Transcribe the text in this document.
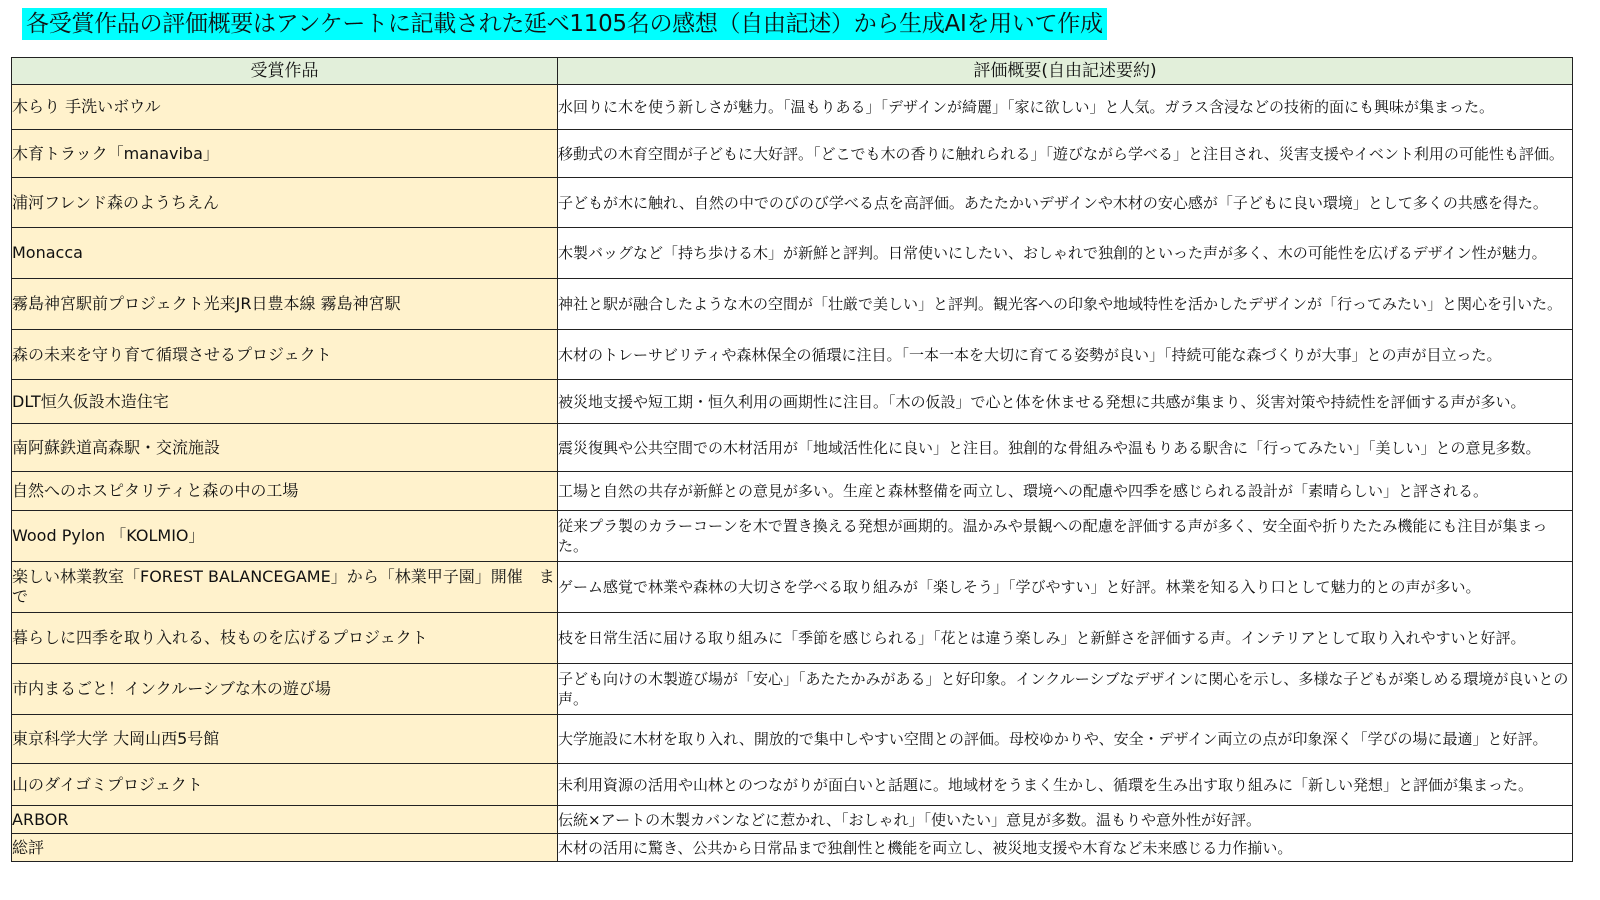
各受賞作品の評価概要はアンケートに記載された延べ1105名の感想（自由記述）から生成AIを用いて作成
受賞作品	評価概要(自由記述要約)
木らり 手洗いボウル	水回りに木を使う新しさが魅力。「温もりある」「デザインが綺麗」「家に欲しい」と人気。ガラス含浸などの技術的面にも興味が集まった。
木育トラック「manaviba」	移動式の木育空間が子どもに大好評。「どこでも木の香りに触れられる」「遊びながら学べる」と注目され、災害支援やイベント利用の可能性も評価。
浦河フレンド森のようちえん	子どもが木に触れ、自然の中でのびのび学べる点を高評価。あたたかいデザインや木材の安心感が「子どもに良い環境」として多くの共感を得た。
Monacca	木製バッグなど「持ち歩ける木」が新鮮と評判。日常使いにしたい、おしゃれで独創的といった声が多く、木の可能性を広げるデザイン性が魅力。
霧島神宮駅前プロジェクト光来JR日豊本線 霧島神宮駅	神社と駅が融合したような木の空間が「壮厳で美しい」と評判。観光客への印象や地域特性を活かしたデザインが「行ってみたい」と関心を引いた。
森の未来を守り育て循環させるプロジェクト	木材のトレーサビリティや森林保全の循環に注目。「一本一本を大切に育てる姿勢が良い」「持続可能な森づくりが大事」との声が目立った。
DLT恒久仮設木造住宅	被災地支援や短工期・恒久利用の画期性に注目。「木の仮設」で心と体を休ませる発想に共感が集まり、災害対策や持続性を評価する声が多い。
南阿蘇鉄道高森駅・交流施設	震災復興や公共空間での木材活用が「地域活性化に良い」と注目。独創的な骨組みや温もりある駅舎に「行ってみたい」「美しい」との意見多数。
自然へのホスピタリティと森の中の工場	工場と自然の共存が新鮮との意見が多い。生産と森林整備を両立し、環境への配慮や四季を感じられる設計が「素晴らしい」と評される。
Wood Pylon 「KOLMIO」	従来プラ製のカラーコーンを木で置き換える発想が画期的。温かみや景観への配慮を評価する声が多く、安全面や折りたたみ機能にも注目が集まった。
楽しい林業教室「FOREST BALANCEGAME」から「林業甲子園」開催　まで	ゲーム感覚で林業や森林の大切さを学べる取り組みが「楽しそう」「学びやすい」と好評。林業を知る入り口として魅力的との声が多い。
暮らしに四季を取り入れる、枝ものを広げるプロジェクト	枝を日常生活に届ける取り組みに「季節を感じられる」「花とは違う楽しみ」と新鮮さを評価する声。インテリアとして取り入れやすいと好評。
市内まるごと！インクルーシブな木の遊び場	子ども向けの木製遊び場が「安心」「あたたかみがある」と好印象。インクルーシブなデザインに関心を示し、多様な子どもが楽しめる環境が良いとの声。
東京科学大学 大岡山西5号館	大学施設に木材を取り入れ、開放的で集中しやすい空間との評価。母校ゆかりや、安全・デザイン両立の点が印象深く「学びの場に最適」と好評。
山のダイゴミプロジェクト	未利用資源の活用や山林とのつながりが面白いと話題に。地域材をうまく生かし、循環を生み出す取り組みに「新しい発想」と評価が集まった。
ARBOR	伝統×アートの木製カバンなどに惹かれ、「おしゃれ」「使いたい」意見が多数。温もりや意外性が好評。
総評	木材の活用に驚き、公共から日常品まで独創性と機能を両立し、被災地支援や木育など未来感じる力作揃い。
